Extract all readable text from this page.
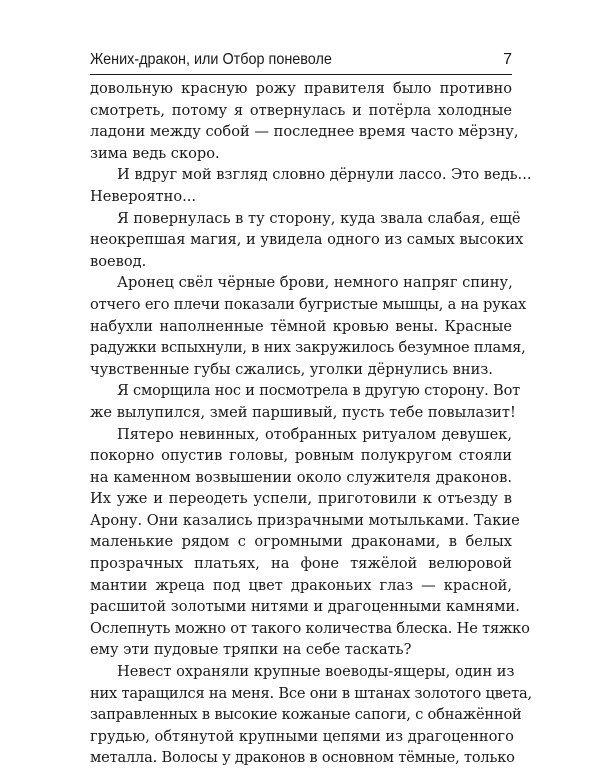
Жених-дракон, или Отбор поневоле	7
довольную красную рожу правителя было противно
смотреть, потому я отвернулась и потёрла холодные
ладони между собой — последнее время часто мёрзну,
зима ведь скоро.
И вдруг мой взгляд словно дёрнули лассо. Это ведь...
Невероятно...
Я повернулась в ту сторону, куда звала слабая, ещё
неокрепшая магия, и увидела одного из самых высоких
воевод.
Аронец свёл чёрные брови, немного напряг спину,
отчего его плечи показали бугристые мышцы, а на руках
набухли наполненные тёмной кровью вены. Красные
радужки вспыхнули, в них закружилось безумное пламя,
чувственные губы сжались, уголки дёрнулись вниз.
Я сморщила нос и посмотрела в другую сторону. Вот
же вылупился, змей паршивый, пусть тебе повылазит!
Пятеро невинных, отобранных ритуалом девушек,
покорно опустив головы, ровным полукругом стояли
на каменном возвышении около служителя драконов.
Их уже и переодеть успели, приготовили к отъезду в
Арону. Они казались призрачными мотыльками. Такие
маленькие рядом с огромными драконами, в белых
прозрачных платьях, на фоне тяжёлой велюровой
мантии жреца под цвет драконьих глаз — красной,
расшитой золотыми нитями и драгоценными камнями.
Ослепнуть можно от такого количества блеска. Не тяжко
ему эти пудовые тряпки на себе таскать?
Невест охраняли крупные воеводы-ящеры, один из
них таращился на меня. Все они в штанах золотого цвета,
заправленных в высокие кожаные сапоги, с обнажённой
грудью, обтянутой крупными цепями из драгоценного
металла. Волосы у драконов в основном тёмные, только
